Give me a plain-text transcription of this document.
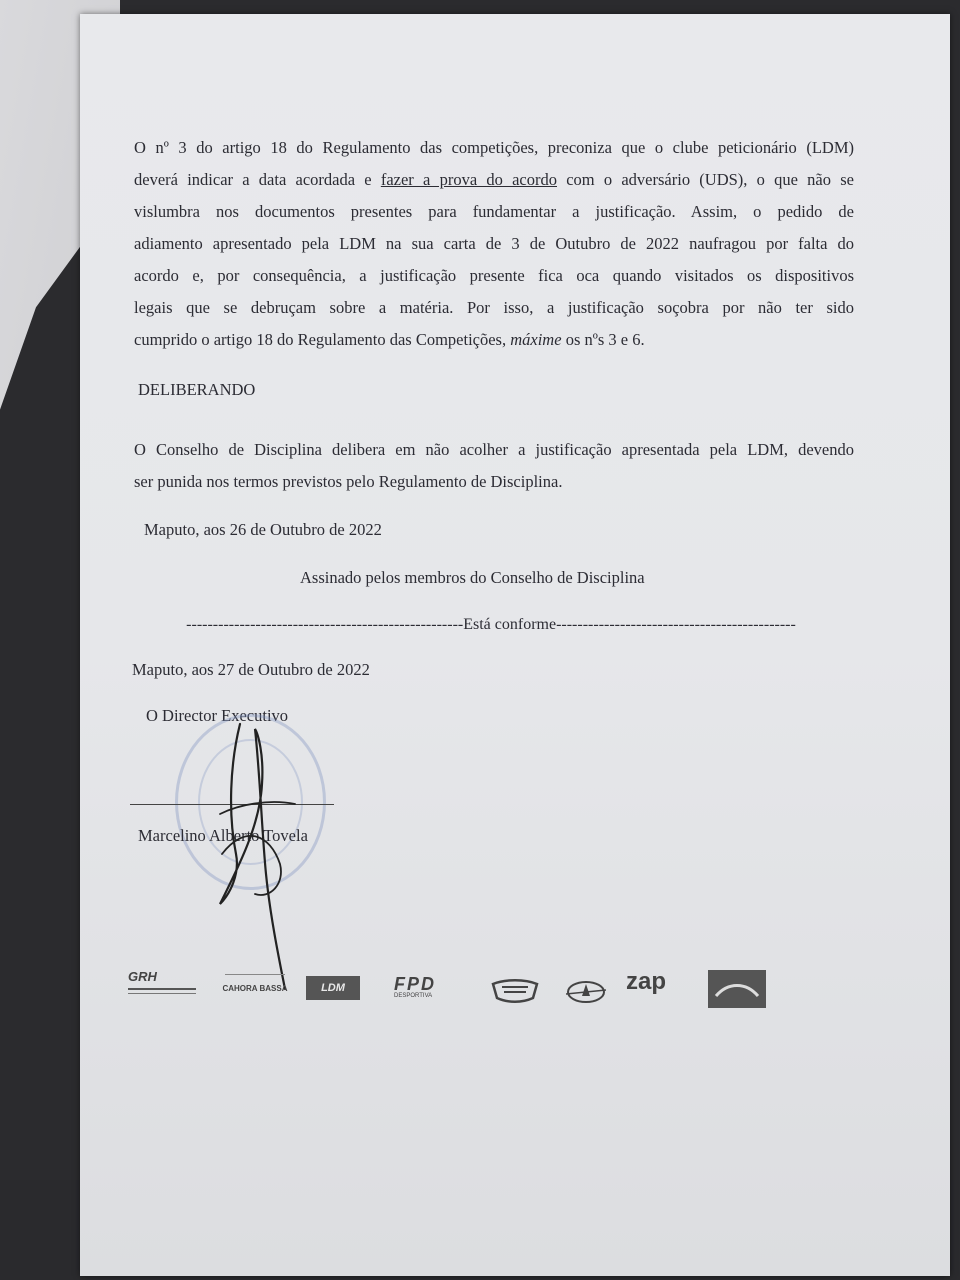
O nº 3 do artigo 18 do Regulamento das competições, preconiza que o clube peticionário (LDM)
deverá indicar a data acordada e fazer a prova do acordo com o adversário (UDS), o que não se
vislumbra nos documentos presentes para fundamentar a justificação. Assim, o pedido de
adiamento apresentado pela LDM na sua carta de 3 de Outubro de 2022 naufragou por falta do
acordo e, por consequência, a justificação presente fica oca quando visitados os dispositivos
legais que se debruçam sobre a matéria. Por isso, a justificação soçobra por não ter sido
cumprido o artigo 18 do Regulamento das Competições, máxime os nºs 3 e 6.

DELIBERANDO

O Conselho de Disciplina delibera em não acolher a justificação apresentada pela LDM, devendo
ser punida nos termos previstos pelo Regulamento de Disciplina.

Maputo, aos 26 de Outubro de 2022

Assinado pelos membros do Conselho de Disciplina

----------------------------------------------------Está conforme---------------------------------------------

Maputo, aos 27 de Outubro de 2022

O Director Executivo

Marcelino Alberto Tovela

GRH
CAHORA BASSA	LDM	FPD
DESPORTIVA
zap
